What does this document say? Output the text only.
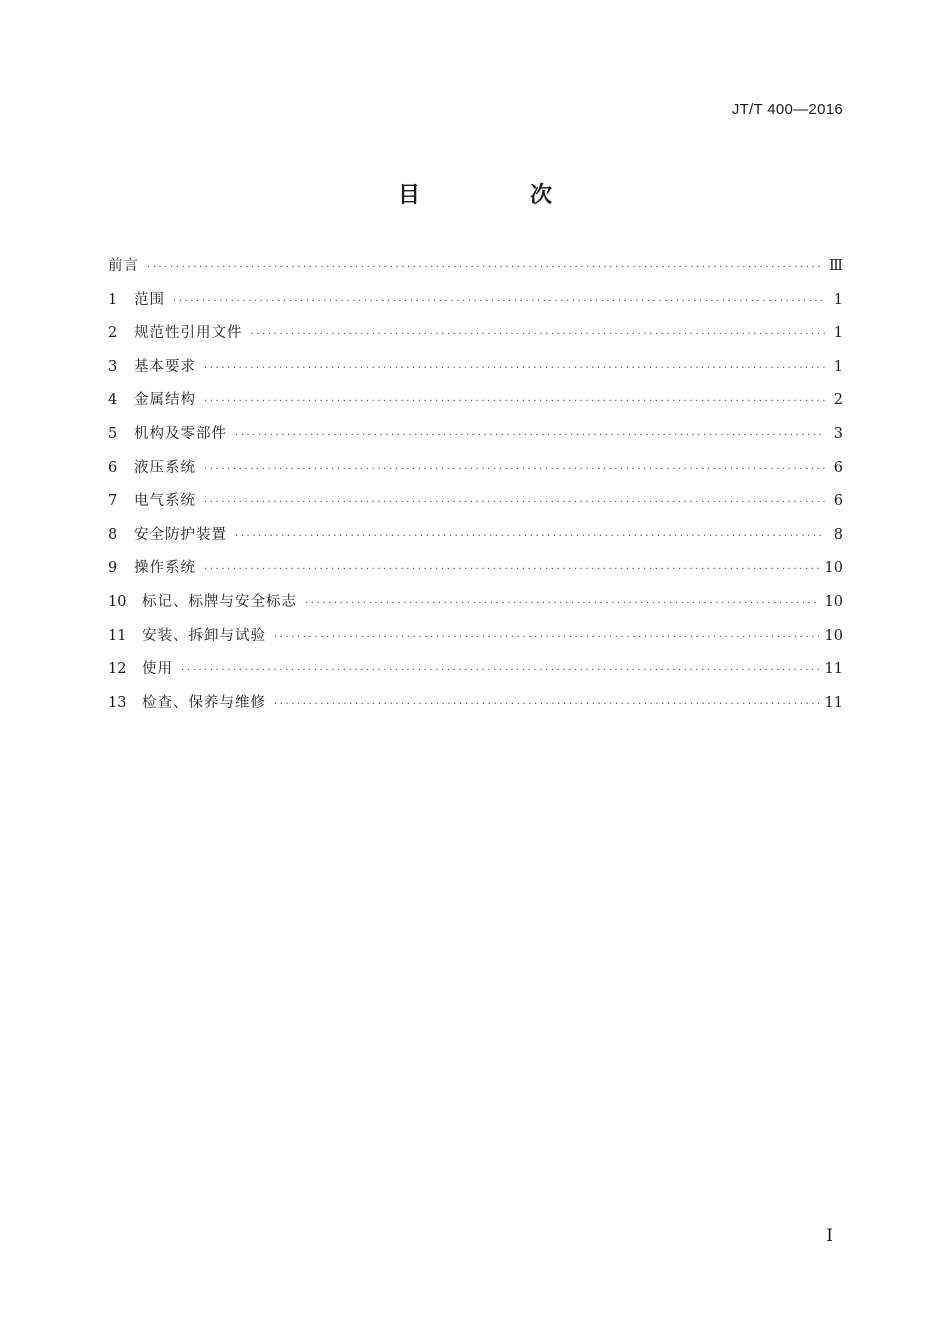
JT/T 400—2016
目　次
前言 ·····	Ⅲ
1	范围 ·····	1
2	规范性引用文件 ·····	1
3	基本要求 ·····	1
4	金属结构 ·····	2
5	机构及零部件 ·····	3
6	液压系统 ·····	6
7	电气系统 ·····	6
8	安全防护装置 ·····	8
9	操作系统 ·····	10
10	标记、标牌与安全标志 ·····	10
11	安装、拆卸与试验 ·····	10
12	使用 ·····	11
13	检查、保养与维修 ·····	11
Ⅰ
